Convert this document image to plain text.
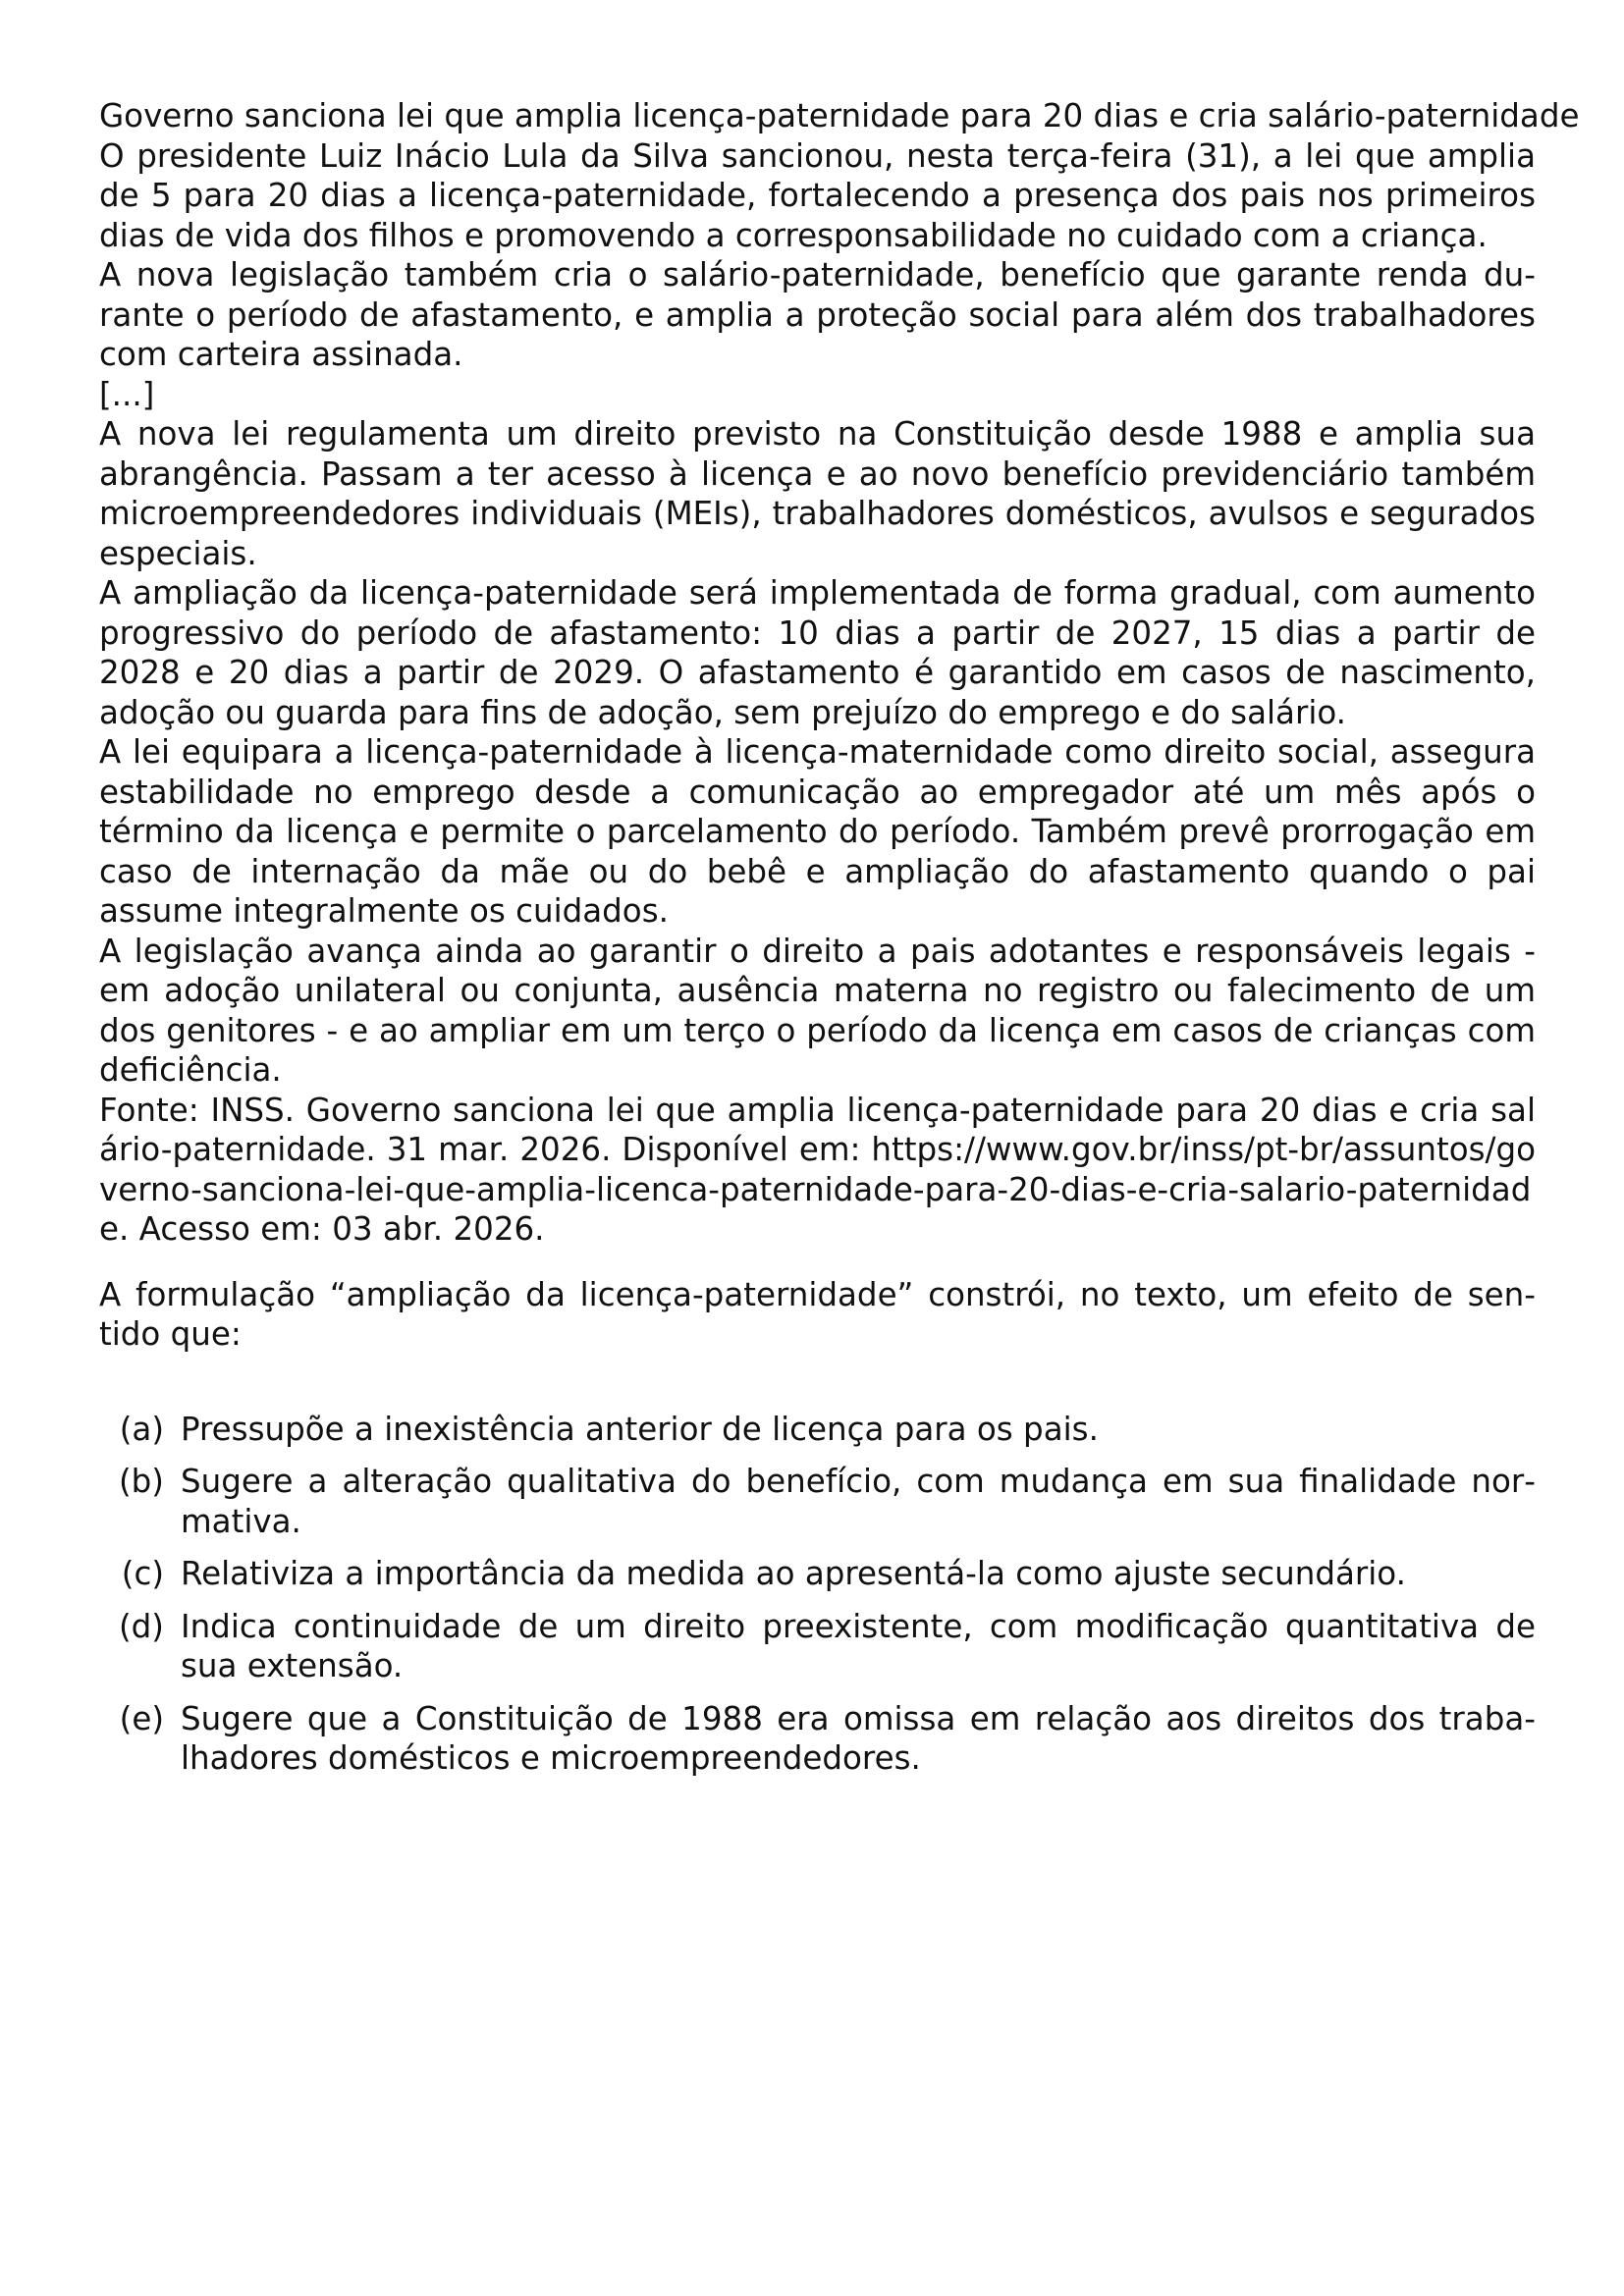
Governo sanciona lei que amplia licença-paternidade para 20 dias e cria salário-paternidade

O presidente Luiz Inácio Lula da Silva sancionou, nesta terça-feira (31), a lei que amplia de 5 para 20 dias a licença-paternidade, fortalecendo a presença dos pais nos primeiros dias de vida dos filhos e promovendo a corresponsabilidade no cuidado com a criança.

A nova legislação também cria o salário-paternidade, benefício que garante renda durante o período de afastamento, e amplia a proteção social para além dos trabalhadores com carteira assinada.

[...]

A nova lei regulamenta um direito previsto na Constituição desde 1988 e amplia sua abrangência. Passam a ter acesso à licença e ao novo benefício previdenciário também microempreendedores individuais (MEIs), trabalhadores domésticos, avulsos e segurados especiais.

A ampliação da licença-paternidade será implementada de forma gradual, com aumento progressivo do período de afastamento: 10 dias a partir de 2027, 15 dias a partir de 2028 e 20 dias a partir de 2029. O afastamento é garantido em casos de nascimento, adoção ou guarda para fins de adoção, sem prejuízo do emprego e do salário.

A lei equipara a licença-paternidade à licença-maternidade como direito social, assegura estabilidade no emprego desde a comunicação ao empregador até um mês após o término da licença e permite o parcelamento do período. Também prevê prorrogação em caso de internação da mãe ou do bebê e ampliação do afastamento quando o pai assume integralmente os cuidados.

A legislação avança ainda ao garantir o direito a pais adotantes e responsáveis legais - em adoção unilateral ou conjunta, ausência materna no registro ou falecimento de um dos genitores - e ao ampliar em um terço o período da licença em casos de crianças com deficiência.

Fonte: INSS. Governo sanciona lei que amplia licença-paternidade para 20 dias e cria salário-paternidade. 31 mar. 2026. Disponível em: https://www.gov.br/inss/pt-br/assuntos/governo-sanciona-lei-que-amplia-licenca-paternidade-para-20-dias-e-cria-salario-paternidade. Acesso em: 03 abr. 2026.

A formulação “ampliação da licença-paternidade” constrói, no texto, um efeito de sentido que:

(a) Pressupõe a inexistência anterior de licença para os pais.
(b) Sugere a alteração qualitativa do benefício, com mudança em sua finalidade normativa.
(c) Relativiza a importância da medida ao apresentá-la como ajuste secundário.
(d) Indica continuidade de um direito preexistente, com modificação quantitativa de sua extensão.
(e) Sugere que a Constituição de 1988 era omissa em relação aos direitos dos trabalhadores domésticos e microempreendedores.
